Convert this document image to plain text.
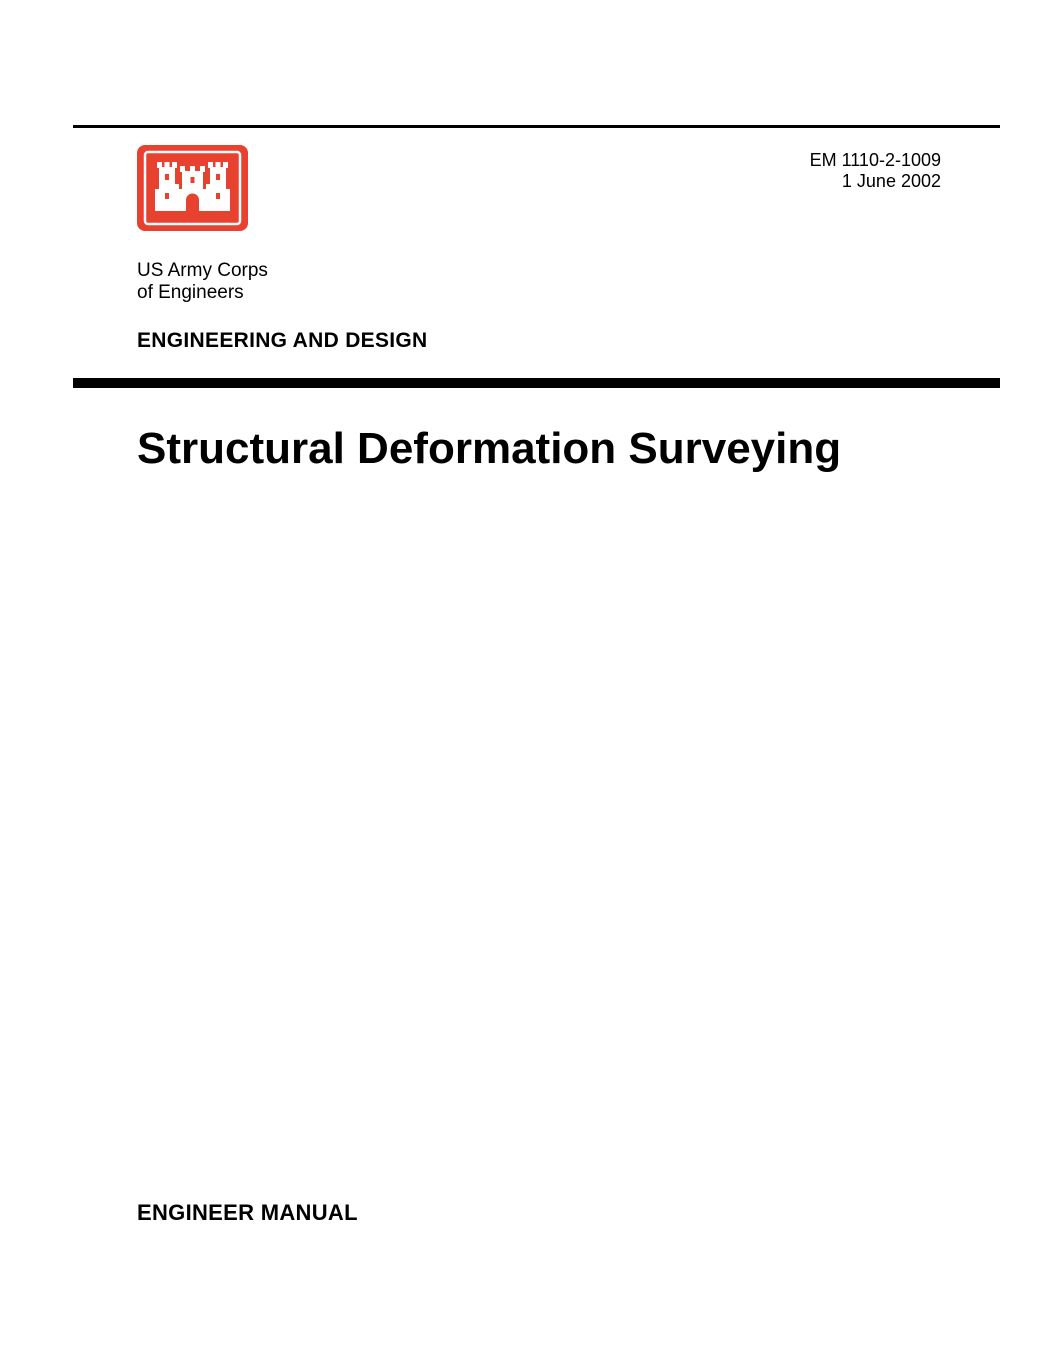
EM 1110-2-1009
1 June 2002
US Army Corps
of Engineers
ENGINEERING AND DESIGN
Structural Deformation Surveying
ENGINEER MANUAL
